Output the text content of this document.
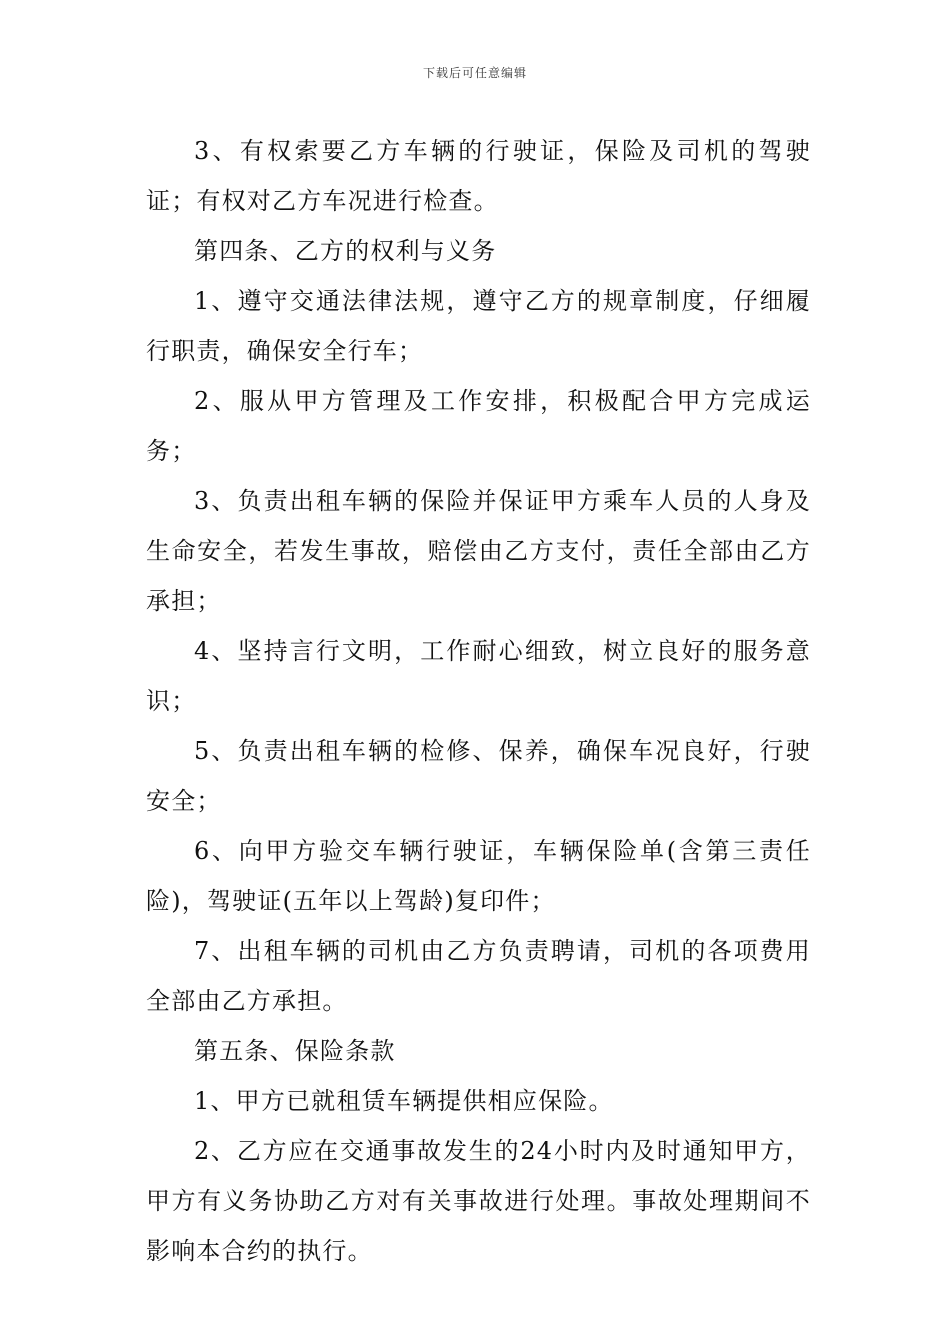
下载后可任意编辑

3、有权索要乙方车辆的行驶证，保险及司机的驾驶证；有权对乙方车况进行检查。

第四条、乙方的权利与义务

1、遵守交通法律法规，遵守乙方的规章制度，仔细履行职责，确保安全行车；

2、服从甲方管理及工作安排，积极配合甲方完成运务；

3、负责出租车辆的保险并保证甲方乘车人员的人身及生命安全，若发生事故，赔偿由乙方支付，责任全部由乙方承担；

4、坚持言行文明，工作耐心细致，树立良好的服务意识；

5、负责出租车辆的检修、保养，确保车况良好，行驶安全；

6、向甲方验交车辆行驶证，车辆保险单(含第三责任险)，驾驶证(五年以上驾龄)复印件；

7、出租车辆的司机由乙方负责聘请，司机的各项费用全部由乙方承担。

第五条、保险条款

1、甲方已就租赁车辆提供相应保险。

2、乙方应在交通事故发生的24小时内及时通知甲方，甲方有义务协助乙方对有关事故进行处理。事故处理期间不影响本合约的执行。
